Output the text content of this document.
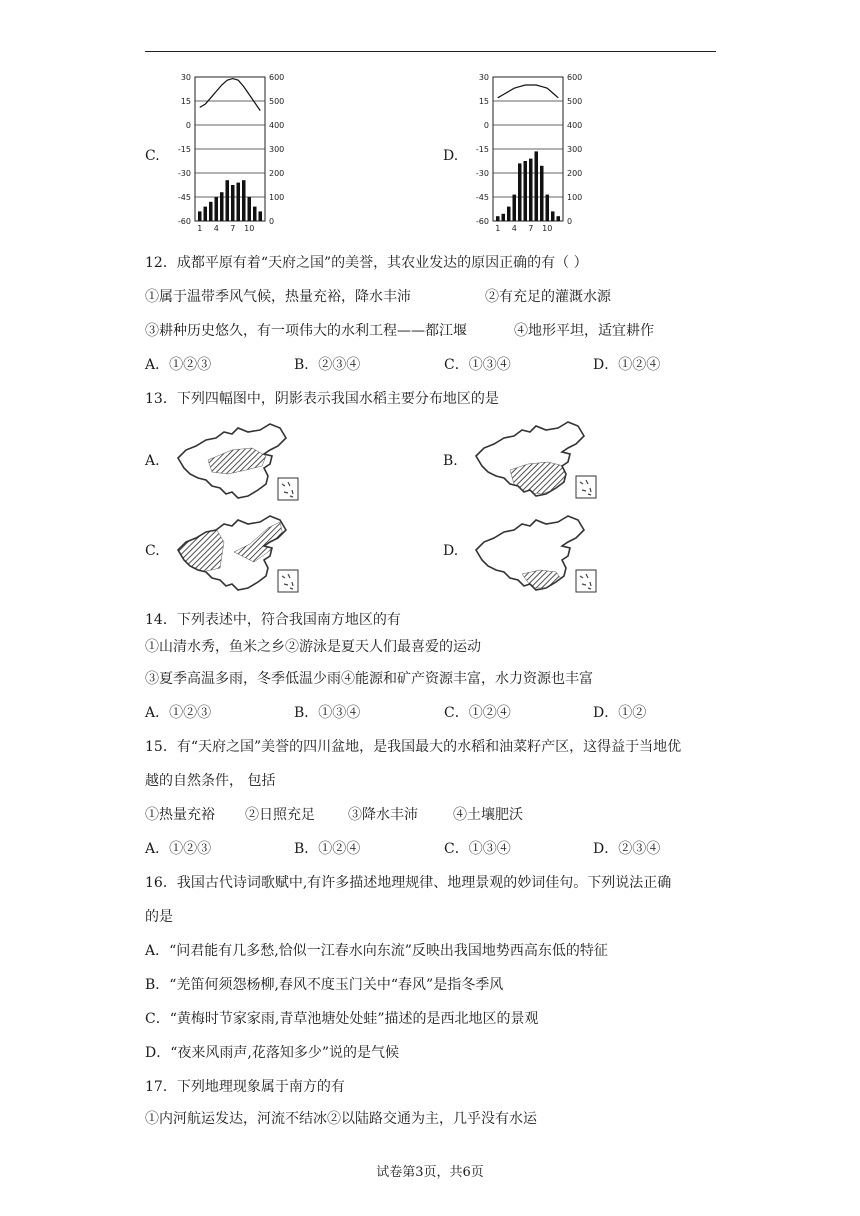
C.
30
15
0
-15
-30
-45
-60
600
500
400
300
200
100
0
1 4 7 10
D.
30
15
0
-15
-30
-45
-60
600
500
400
300
200
100
0
1 4 7 10
12．成都平原有着“天府之国”的美誉，其农业发达的原因正确的有（ ）
①属于温带季风气候，热量充裕，降水丰沛	②有充足的灌溉水源
③耕种历史悠久，有一项伟大的水利工程——都江堰	④地形平坦，适宜耕作
A．①②③	B．②③④	C．①③④	D．①②④
13．下列四幅图中，阴影表示我国水稻主要分布地区的是
A.	B.
C.	D.
14．下列表述中，符合我国南方地区的有
①山清水秀，鱼米之乡②游泳是夏天人们最喜爱的运动
③夏季高温多雨，冬季低温少雨④能源和矿产资源丰富，水力资源也丰富
A．①②③	B．①③④	C．①②④	D．①②
15．有“天府之国”美誉的四川盆地，是我国最大的水稻和油菜籽产区，这得益于当地优
越的自然条件， 包括
①热量充裕 ②日照充足 ③降水丰沛	④土壤肥沃
A．①②③	B．①②④	C．①③④	D．②③④
16．我国古代诗词歌赋中,有许多描述地理规律、地理景观的妙词佳句。下列说法正确
的是
A．“问君能有几多愁,恰似一江春水向东流”反映出我国地势西高东低的特征
B．“羌笛何须怨杨柳,春风不度玉门关中“春风”是指冬季风
C．“黄梅时节家家雨,青草池塘处处蛙”描述的是西北地区的景观
D．“夜来风雨声,花落知多少”说的是气候
17．下列地理现象属于南方的有
①内河航运发达，河流不结冰②以陆路交通为主，几乎没有水运
试卷第3页，共6页
